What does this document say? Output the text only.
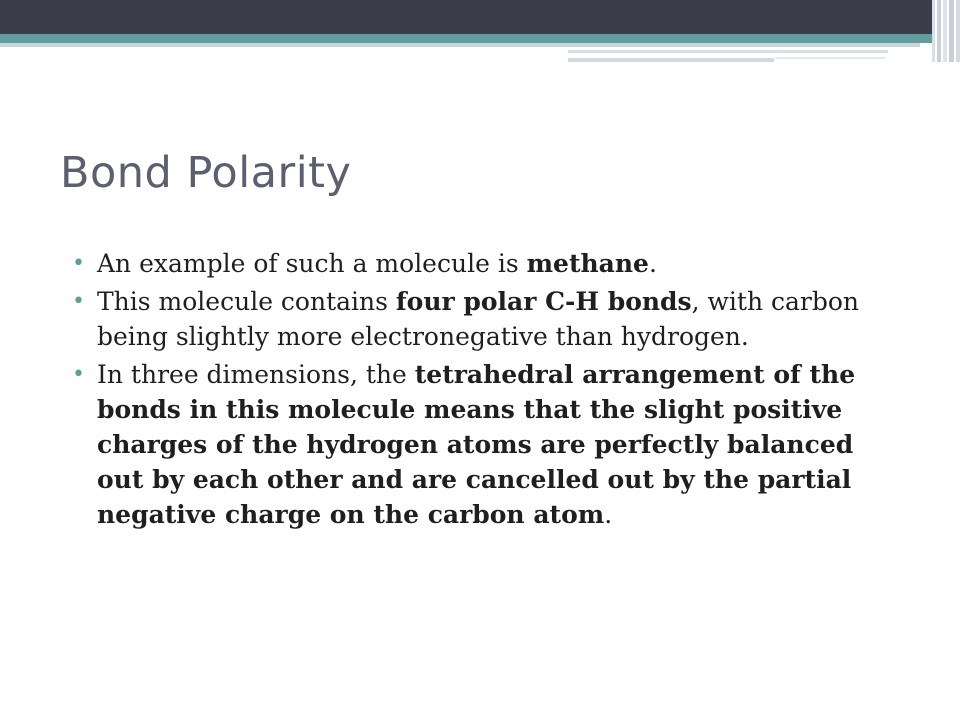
Bond Polarity

• An example of such a molecule is methane.

• This molecule contains four polar C-H bonds, with carbon being slightly more electronegative than hydrogen.

• In three dimensions, the tetrahedral arrangement of the bonds in this molecule means that the slight positive charges of the hydrogen atoms are perfectly balanced out by each other and are cancelled out by the partial negative charge on the carbon atom.
